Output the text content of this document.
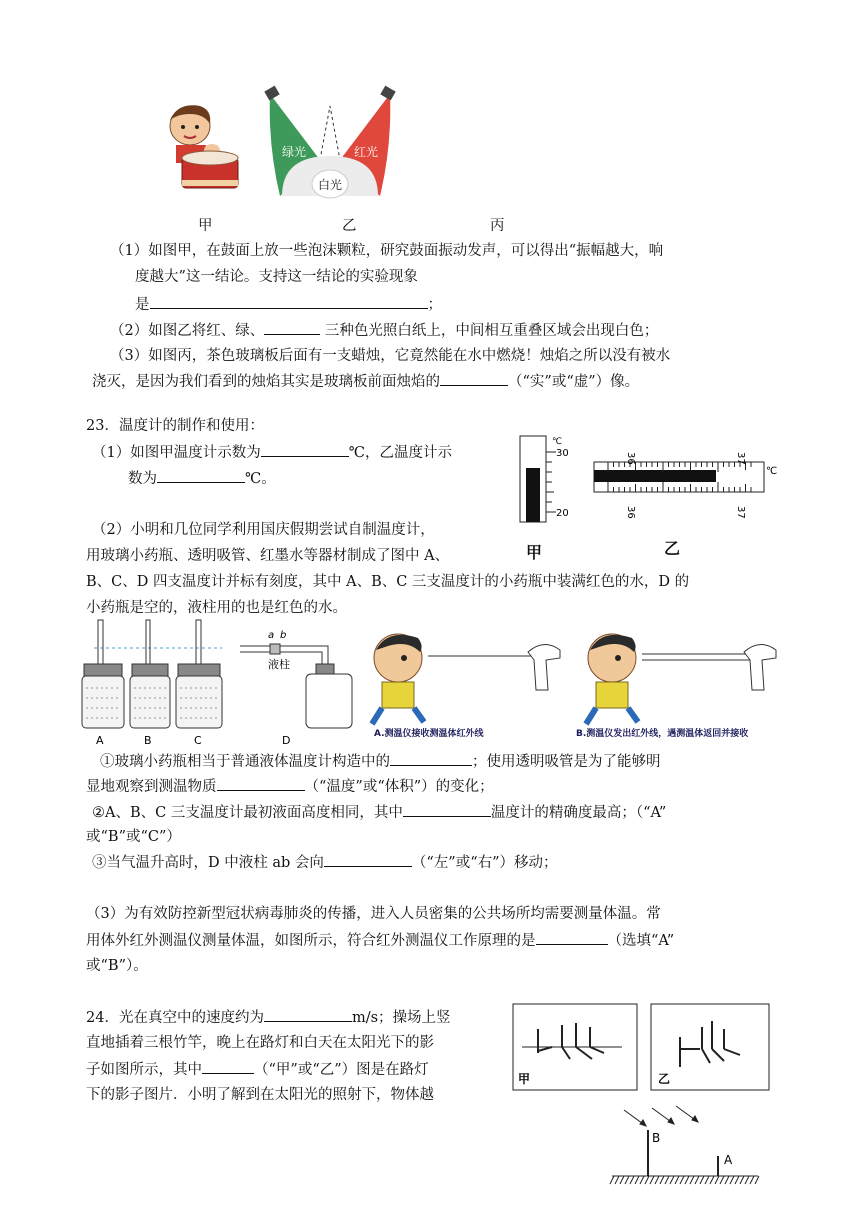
绿光	红光
白光
甲	乙	丙
（1）如图甲，在鼓面上放一些泡沫颗粒，研究鼓面振动发声，可以得出“振幅越大，响
度越大”这一结论。支持这一结论的实验现象
是	；
（2）如图乙将红、绿、	三种色光照白纸上，中间相互重叠区域会出现白色；
（3）如图丙，茶色玻璃板后面有一支蜡烛，它竟然能在水中燃烧！烛焰之所以没有被水
浇灭，是因为我们看到的烛焰其实是玻璃板前面烛焰的	（“实”或“虚”）像。
23．温度计的制作和使用：
（1）如图甲温度计示数为	℃，乙温度计示
数为	℃。
30
20
℃
甲
36	37
36	37
℃
乙
（2）小明和几位同学利用国庆假期尝试自制温度计，
用玻璃小药瓶、透明吸管、红墨水等器材制成了图中 A、
B、C、D 四支温度计并标有刻度，其中 A、B、C 三支温度计的小药瓶中装满红色的水，D 的
小药瓶是空的，液柱用的也是红色的水。
a b
液柱
A	B	C	D	A.测温仪接收测温体红外线	B.测温仪发出红外线，遇测温体返回并接收
①玻璃小药瓶相当于普通液体温度计构造中的	；使用透明吸管是为了能够明
显地观察到测温物质	（“温度”或“体积”）的变化；
②A、B、C 三支温度计最初液面高度相同，其中	温度计的精确度最高；（“A”
或“B”或“C”）
③当气温升高时，D 中液柱 ab 会向	（“左”或“右”）移动；
（3）为有效防控新型冠状病毒肺炎的传播，进入人员密集的公共场所均需要测量体温。常
用体外红外测温仪测量体温，如图所示，符合红外测温仪工作原理的是	（选填“A”
或“B”）。
24．光在真空中的速度约为	m/s；操场上竖
直地插着三根竹竿，晚上在路灯和白天在太阳光下的影
子如图所示，其中	（“甲”或“乙”）图是在路灯
下的影子图片．小明了解到在太阳光的照射下，物体越
甲	乙
B
A
